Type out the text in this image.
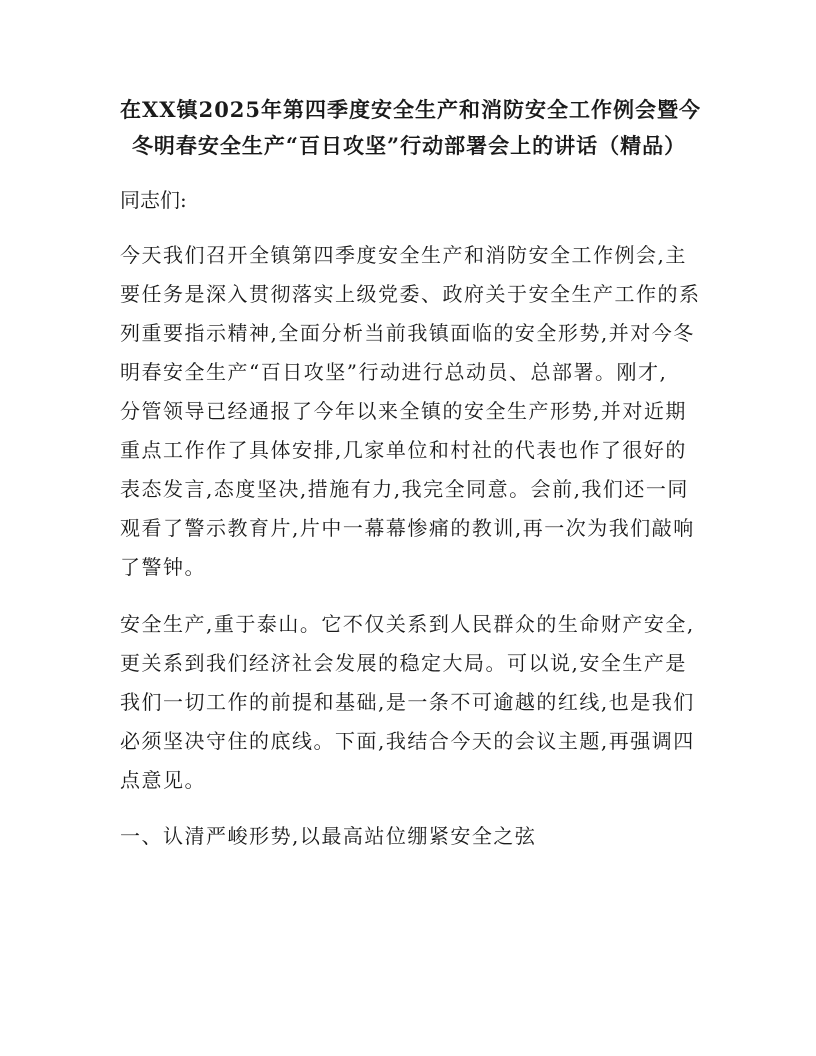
在XX镇2025年第四季度安全生产和消防安全工作例会暨今
冬明春安全生产“百日攻坚”行动部署会上的讲话（精品）

同志们:

今天我们召开全镇第四季度安全生产和消防安全工作例会,主
要任务是深入贯彻落实上级党委、政府关于安全生产工作的系
列重要指示精神,全面分析当前我镇面临的安全形势,并对今冬
明春安全生产“百日攻坚”行动进行总动员、总部署。刚才,
分管领导已经通报了今年以来全镇的安全生产形势,并对近期
重点工作作了具体安排,几家单位和村社的代表也作了很好的
表态发言,态度坚决,措施有力,我完全同意。会前,我们还一同
观看了警示教育片,片中一幕幕惨痛的教训,再一次为我们敲响
了警钟。

安全生产,重于泰山。它不仅关系到人民群众的生命财产安全,
更关系到我们经济社会发展的稳定大局。可以说,安全生产是
我们一切工作的前提和基础,是一条不可逾越的红线,也是我们
必须坚决守住的底线。下面,我结合今天的会议主题,再强调四
点意见。

一、认清严峻形势,以最高站位绷紧安全之弦
